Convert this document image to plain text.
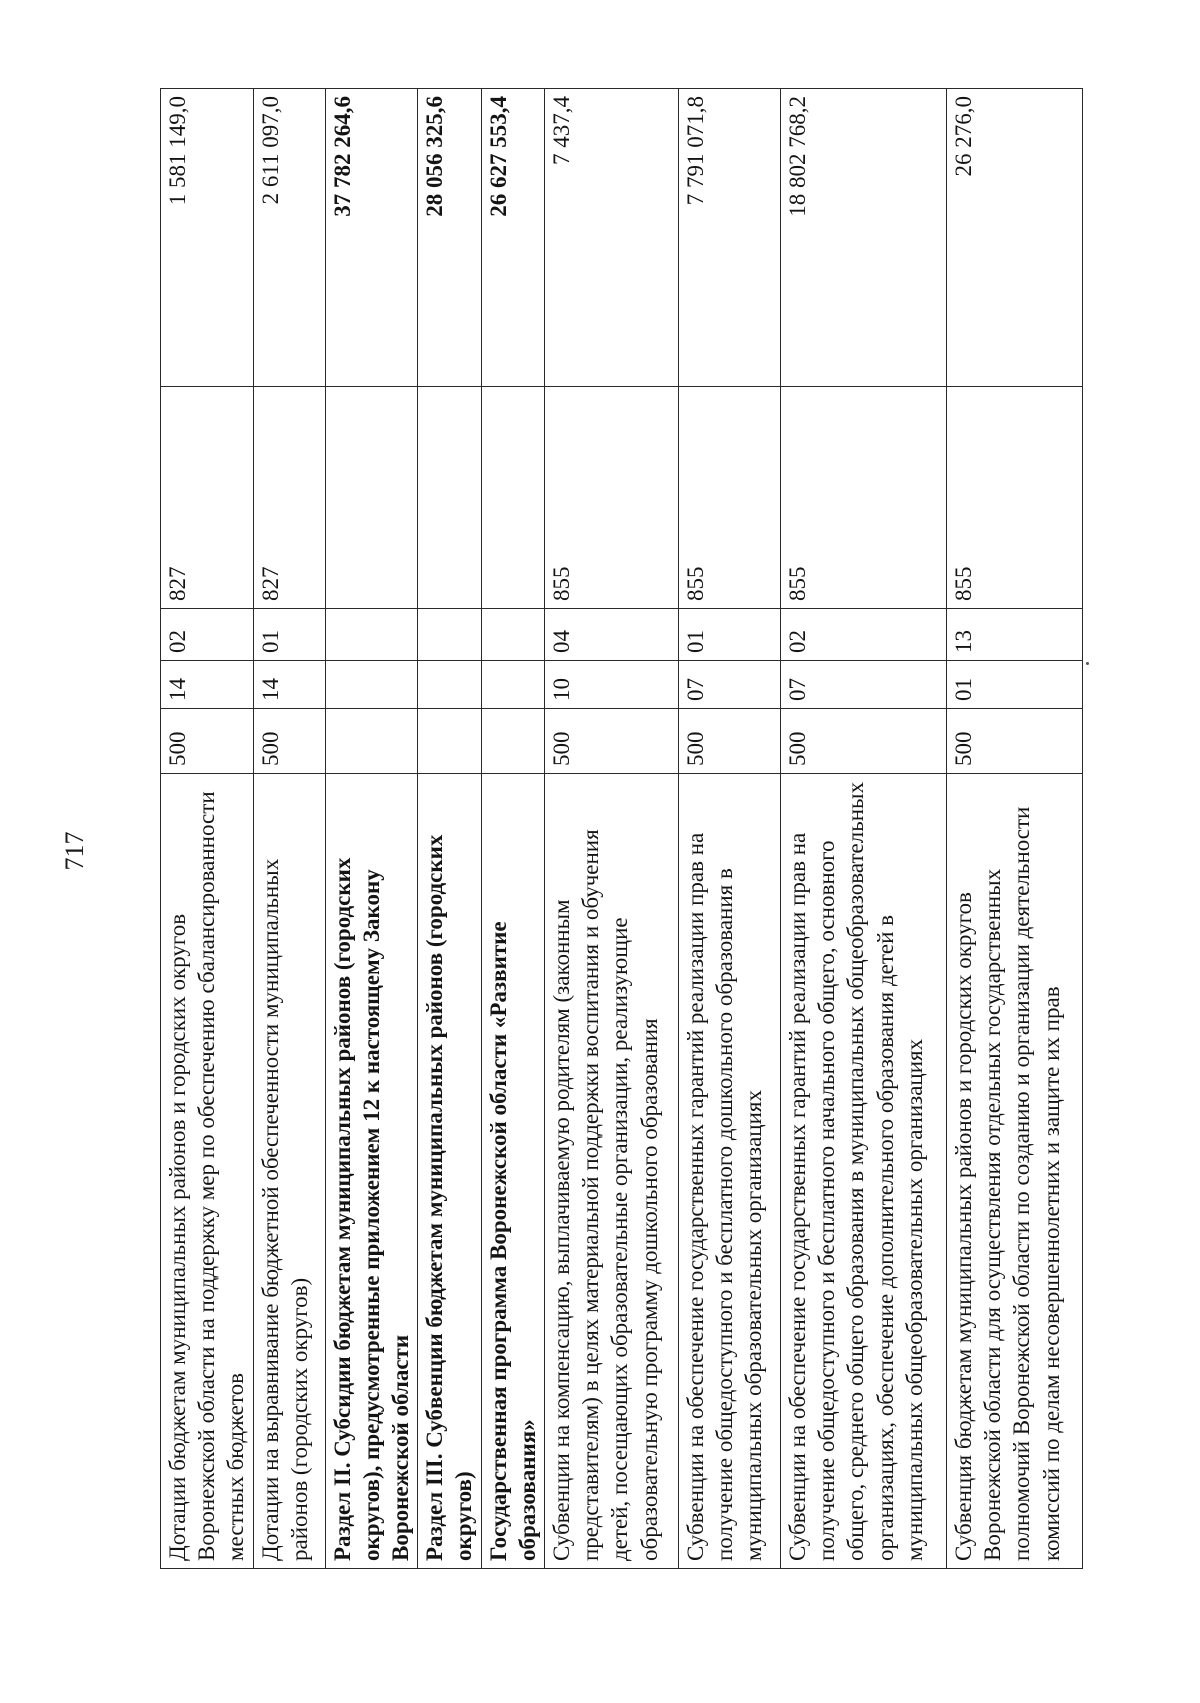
717
Дотации бюджетам муниципальных районов и городских округов Воронежской области на поддержку мер по обеспечению сбалансированности местных бюджетов	500	14	02	827	1 581 149,0
Дотации на выравнивание бюджетной обеспеченности муниципальных районов (городских округов)	500	14	01	827	2 611 097,0
Раздел II. Субсидии бюджетам муниципальных районов (городских округов), предусмотренные приложением 12 к настоящему Закону Воронежской области					37 782 264,6
Раздел III. Субвенции бюджетам муниципальных районов (городских округов)					28 056 325,6
Государственная программа Воронежской области «Развитие образования»					26 627 553,4
Субвенции на компенсацию, выплачиваемую родителям (законным представителям) в целях материальной поддержки воспитания и обучения детей, посещающих образовательные организации, реализующие образовательную программу дошкольного образования	500	10	04	855	7 437,4
Субвенции на обеспечение государственных гарантий реализации прав на получение общедоступного и бесплатного дошкольного образования в муниципальных образовательных организациях	500	07	01	855	7 791 071,8
Субвенции на обеспечение государственных гарантий реализации прав на получение общедоступного и бесплатного начального общего, основного общего, среднего общего образования в муниципальных общеобразовательных организациях, обеспечение дополнительного образования детей в муниципальных общеобразовательных организациях	500	07	02	855	18 802 768,2
Субвенция бюджетам муниципальных районов и городских округов Воронежской области для осуществления отдельных государственных полномочий Воронежской области по созданию и организации деятельности комиссий по делам несовершеннолетних и защите их прав	500	01	13	855	26 276,0
